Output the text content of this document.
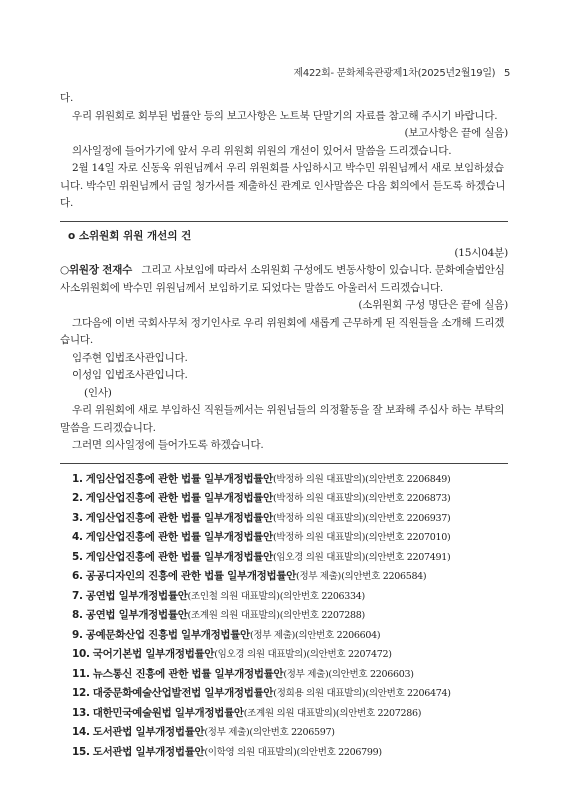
제422회- 문화체육관광제1차(2025년2월19일) 5

다.

우리 위원회로 회부된 법률안 등의 보고사항은 노트북 단말기의 자료를 참고해 주시기 바랍니다.

(보고사항은 끝에 실음)

의사일정에 들어가기에 앞서 우리 위원회 위원의 개선이 있어서 말씀을 드리겠습니다.

2월 14일 자로 신동욱 위원님께서 우리 위원회를 사임하시고 박수민 위원님께서 새로 보임하셨습니다. 박수민 위원님께서 금일 청가서를 제출하신 관계로 인사말씀은 다음 회의에서 듣도록 하겠습니다.

o 소위원회 위원 개선의 건

(15시04분)

○위원장 전재수 그리고 사보임에 따라서 소위원회 구성에도 변동사항이 있습니다. 문화예술법안심사소위원회에 박수민 위원님께서 보임하기로 되었다는 말씀도 아울러서 드리겠습니다.

(소위원회 구성 명단은 끝에 실음)

그다음에 이번 국회사무처 정기인사로 우리 위원회에 새롭게 근무하게 된 직원들을 소개해 드리겠습니다.

임주현 입법조사관입니다.

이성임 입법조사관입니다.

(인사)

우리 위원회에 새로 부임하신 직원들께서는 위원님들의 의정활동을 잘 보좌해 주십사 하는 부탁의 말씀을 드리겠습니다.

그러면 의사일정에 들어가도록 하겠습니다.

1. 게임산업진흥에 관한 법률 일부개정법률안(박정하 의원 대표발의)(의안번호 2206849)
2. 게임산업진흥에 관한 법률 일부개정법률안(박정하 의원 대표발의)(의안번호 2206873)
3. 게임산업진흥에 관한 법률 일부개정법률안(박정하 의원 대표발의)(의안번호 2206937)
4. 게임산업진흥에 관한 법률 일부개정법률안(박정하 의원 대표발의)(의안번호 2207010)
5. 게임산업진흥에 관한 법률 일부개정법률안(임오경 의원 대표발의)(의안번호 2207491)
6. 공공디자인의 진흥에 관한 법률 일부개정법률안(정부 제출)(의안번호 2206584)
7. 공연법 일부개정법률안(조인철 의원 대표발의)(의안번호 2206334)
8. 공연법 일부개정법률안(조계원 의원 대표발의)(의안번호 2207288)
9. 공예문화산업 진흥법 일부개정법률안(정부 제출)(의안번호 2206604)
10. 국어기본법 일부개정법률안(임오경 의원 대표발의)(의안번호 2207472)
11. 뉴스통신 진흥에 관한 법률 일부개정법률안(정부 제출)(의안번호 2206603)
12. 대중문화예술산업발전법 일부개정법률안(정희용 의원 대표발의)(의안번호 2206474)
13. 대한민국예술원법 일부개정법률안(조계원 의원 대표발의)(의안번호 2207286)
14. 도서관법 일부개정법률안(정부 제출)(의안번호 2206597)
15. 도서관법 일부개정법률안(이학영 의원 대표발의)(의안번호 2206799)
